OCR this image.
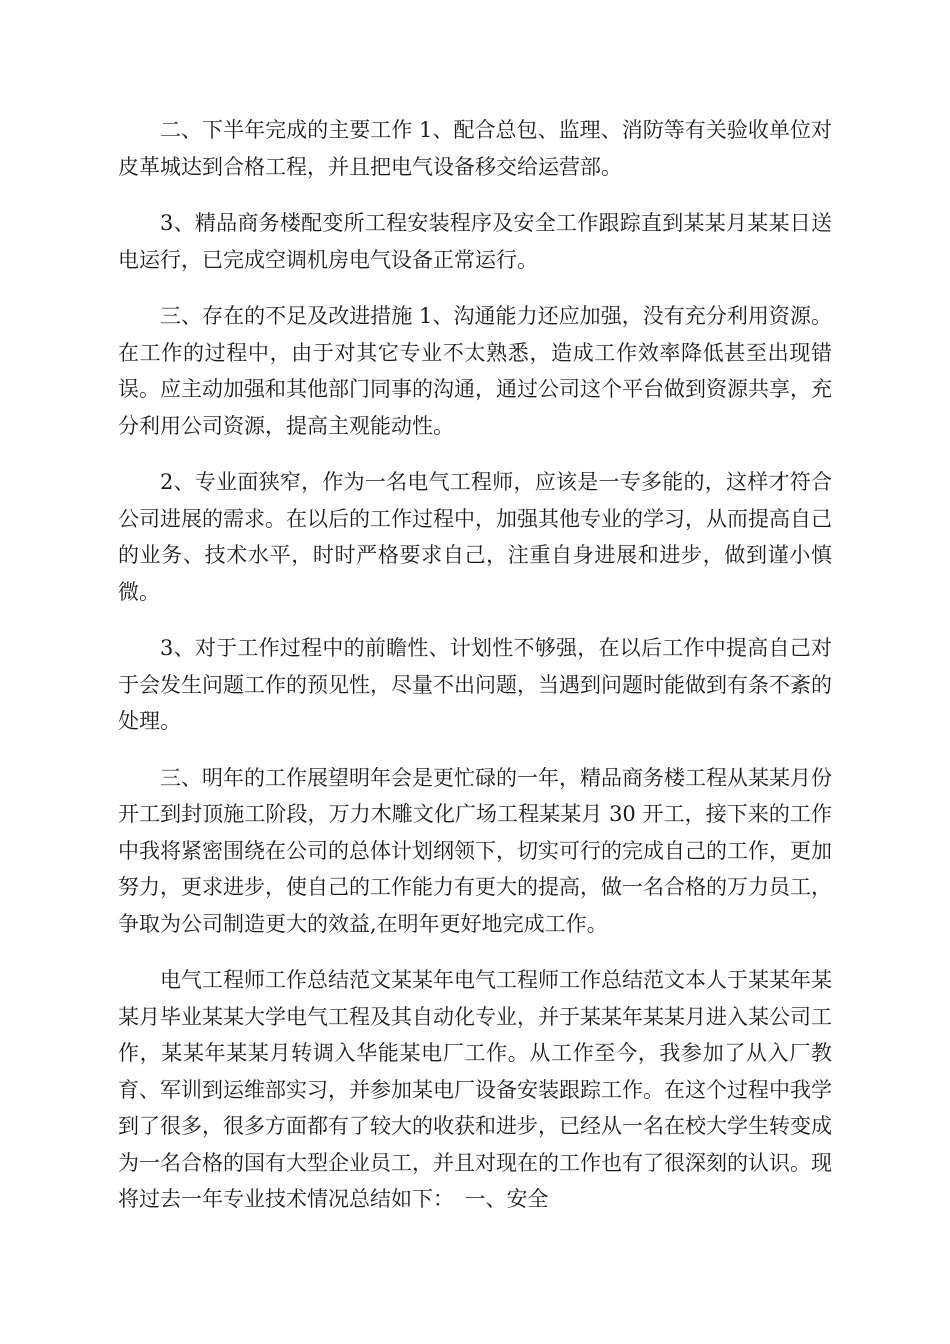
二、下半年完成的主要工作 1、配合总包、监理、消防等有关验收单位对皮革城达到合格工程，并且把电气设备移交给运营部。

3、精品商务楼配变所工程安装程序及安全工作跟踪直到某某月某某日送电运行，已完成空调机房电气设备正常运行。

三、存在的不足及改进措施 1、沟通能力还应加强，没有充分利用资源。在工作的过程中，由于对其它专业不太熟悉，造成工作效率降低甚至出现错误。应主动加强和其他部门同事的沟通，通过公司这个平台做到资源共享，充分利用公司资源，提高主观能动性。

2、专业面狭窄，作为一名电气工程师，应该是一专多能的，这样才符合公司进展的需求。在以后的工作过程中，加强其他专业的学习，从而提高自己的业务、技术水平，时时严格要求自己，注重自身进展和进步，做到谨小慎微。

3、对于工作过程中的前瞻性、计划性不够强，在以后工作中提高自己对于会发生问题工作的预见性，尽量不出问题，当遇到问题时能做到有条不紊的处理。

三、明年的工作展望明年会是更忙碌的一年，精品商务楼工程从某某月份开工到封顶施工阶段，万力木雕文化广场工程某某月 30 开工，接下来的工作中我将紧密围绕在公司的总体计划纲领下，切实可行的完成自己的工作，更加努力，更求进步，使自己的工作能力有更大的提高，做一名合格的万力员工，争取为公司制造更大的效益,在明年更好地完成工作。

电气工程师工作总结范文某某年电气工程师工作总结范文本人于某某年某某月毕业某某大学电气工程及其自动化专业，并于某某年某某月进入某公司工作，某某年某某月转调入华能某电厂工作。从工作至今，我参加了从入厂教育、军训到运维部实习，并参加某电厂设备安装跟踪工作。在这个过程中我学到了很多，很多方面都有了较大的收获和进步，已经从一名在校大学生转变成为一名合格的国有大型企业员工，并且对现在的工作也有了很深刻的认识。现将过去一年专业技术情况总结如下：　一、安全
